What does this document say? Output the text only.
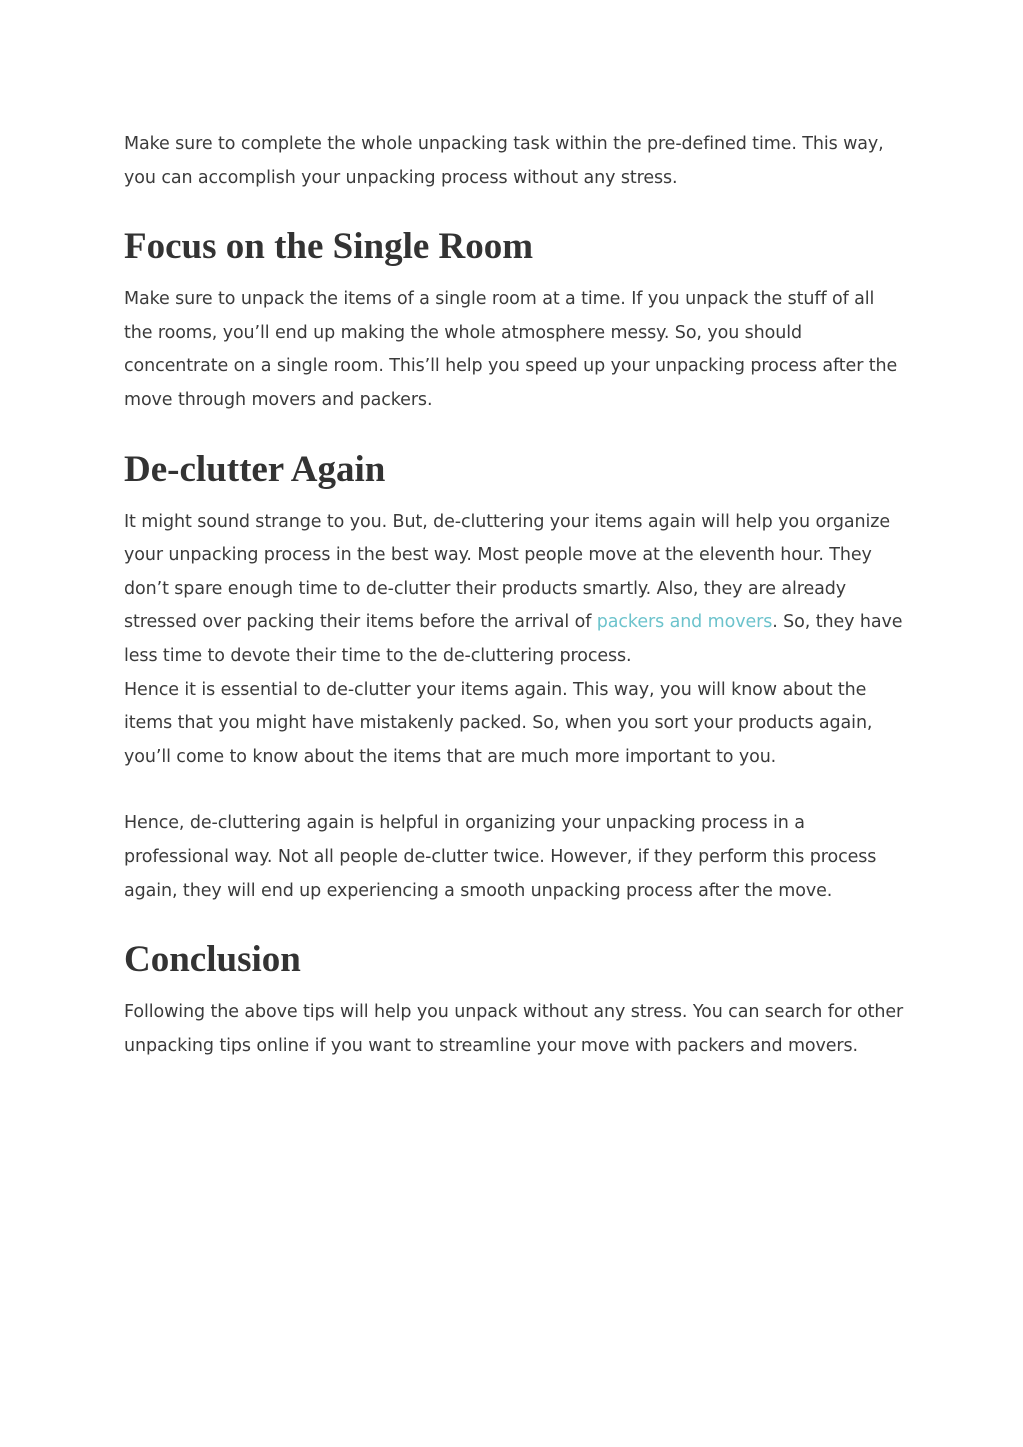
Make sure to complete the whole unpacking task within the pre-defined time. This way, you can accomplish your unpacking process without any stress.

Focus on the Single Room

Make sure to unpack the items of a single room at a time. If you unpack the stuff of all the rooms, you’ll end up making the whole atmosphere messy. So, you should concentrate on a single room. This’ll help you speed up your unpacking process after the move through movers and packers.

De-clutter Again

It might sound strange to you. But, de-cluttering your items again will help you organize your unpacking process in the best way. Most people move at the eleventh hour. They don’t spare enough time to de-clutter their products smartly. Also, they are already stressed over packing their items before the arrival of packers and movers. So, they have less time to devote their time to the de-cluttering process.

Hence it is essential to de-clutter your items again. This way, you will know about the items that you might have mistakenly packed. So, when you sort your products again, you’ll come to know about the items that are much more important to you.

Hence, de-cluttering again is helpful in organizing your unpacking process in a professional way. Not all people de-clutter twice. However, if they perform this process again, they will end up experiencing a smooth unpacking process after the move.

Conclusion

Following the above tips will help you unpack without any stress. You can search for other unpacking tips online if you want to streamline your move with packers and movers.
